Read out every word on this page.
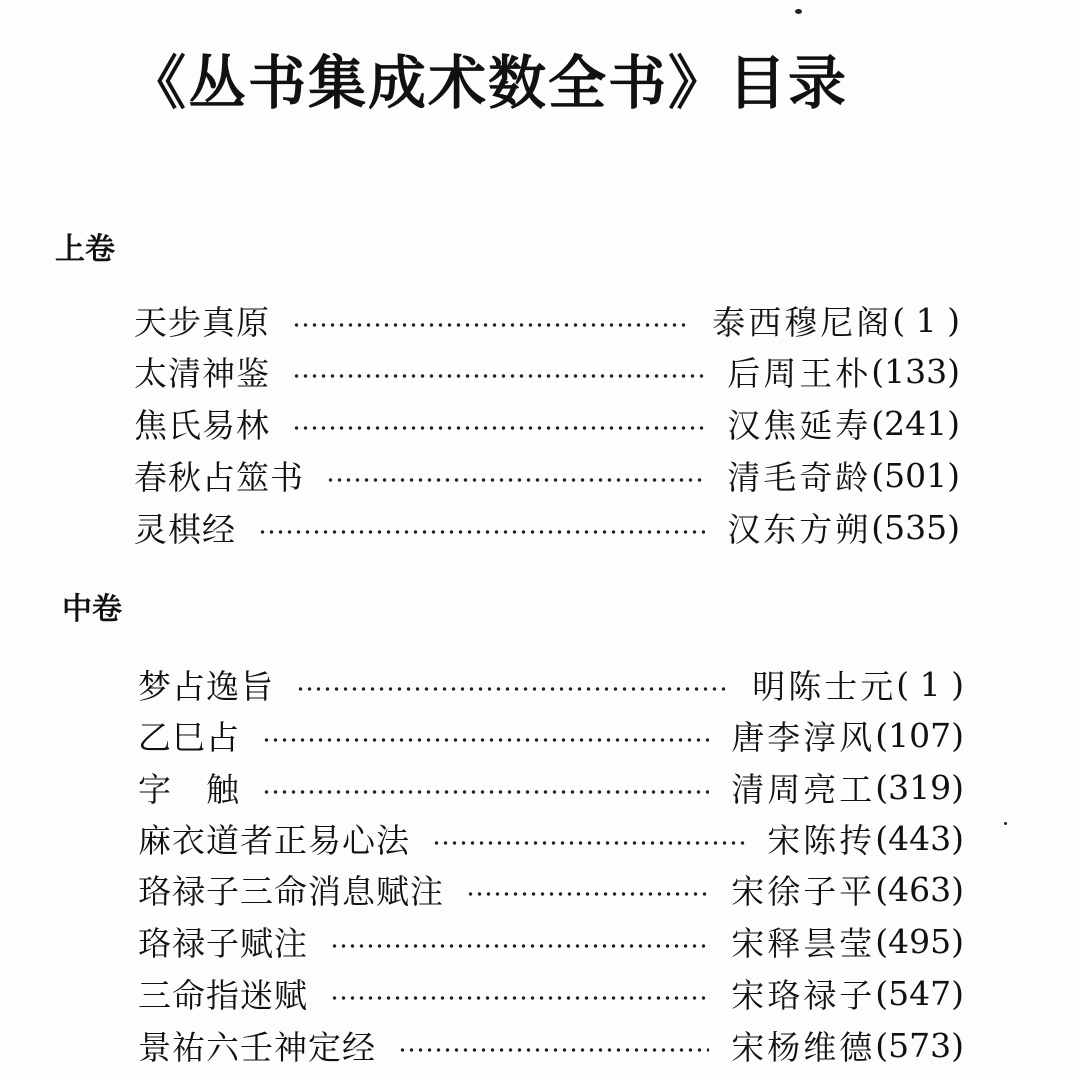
《丛书集成术数全书》目录
上卷
天步真原	泰西穆尼阁 ( 1 )
太清神鉴	后周王朴 (133)
焦氏易林	汉焦延寿 (241)
春秋占筮书	清毛奇龄 (501)
灵棋经	汉东方朔 (535)
中卷
梦占逸旨	明陈士元 ( 1 )
乙巳占	唐李淳风 (107)
字　触	清周亮工 (319)
麻衣道者正易心法	宋陈抟 (443)
珞禄子三命消息赋注	宋徐子平 (463)
珞禄子赋注	宋释昙莹 (495)
三命指迷赋	宋珞禄子 (547)
景祐六壬神定经	宋杨维德 (573)
